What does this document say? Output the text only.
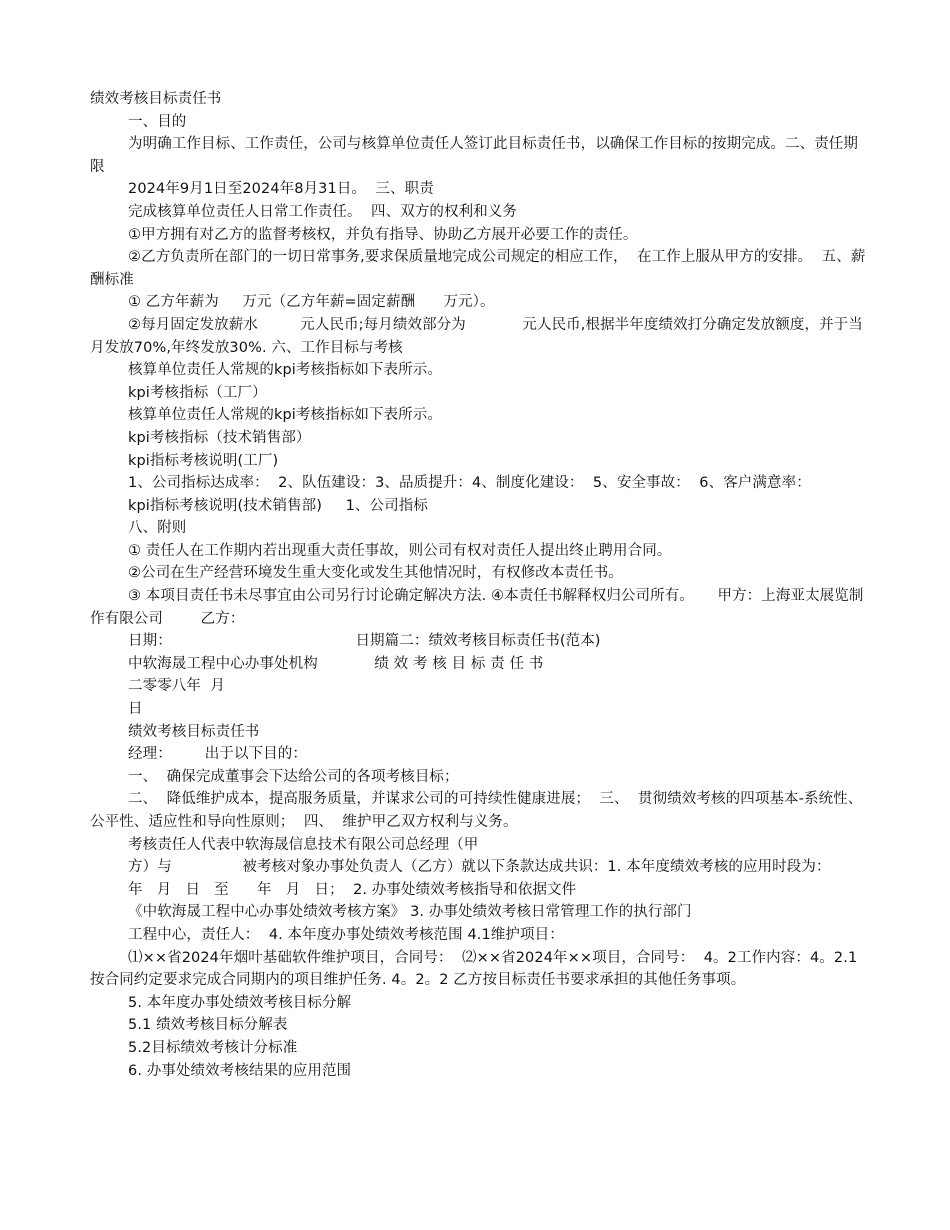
绩效考核目标责任书

一、目的

为明确工作目标、工作责任，公司与核算单位责任人签订此目标责任书，以确保工作目标的按期完成。二、责任期限

2024年9月1日至2024年8月31日。  三、职责

完成核算单位责任人日常工作责任。  四、双方的权利和义务

①甲方拥有对乙方的监督考核权，并负有指导、协助乙方展开必要工作的责任。

②乙方负责所在部门的一切日常事务,要求保质量地完成公司规定的相应工作，  在工作上服从甲方的安排。  五、薪酬标准

① 乙方年薪为     万元（乙方年薪=固定薪酬      万元）。

②每月固定发放薪水         元人民币;每月绩效部分为            元人民币,根据半年度绩效打分确定发放额度，并于当月发放70%,年终发放30%. 六、工作目标与考核

核算单位责任人常规的kpi考核指标如下表所示。

kpi考核指标（工厂）

核算单位责任人常规的kpi考核指标如下表所示。

kpi考核指标（技术销售部）

kpi指标考核说明(工厂)

1、公司指标达成率：  2、队伍建设：3、品质提升：4、制度化建设：  5、安全事故：  6、客户满意率：

kpi指标考核说明(技术销售部)     1、公司指标

八、附则

① 责任人在工作期内若出现重大责任事故，则公司有权对责任人提出终止聘用合同。

②公司在生产经营环境发生重大变化或发生其他情况时，有权修改本责任书。

③ 本项目责任书未尽事宜由公司另行讨论确定解决方法. ④本责任书解释权归公司所有。     甲方：上海亚太展览制作有限公司        乙方：

日期：                                       日期篇二：绩效考核目标责任书(范本)

中软海晟工程中心办事处机构            绩 效 考 核 目 标 责 任 书

二零零八年  月

日

绩效考核目标责任书

经理：       出于以下目的：

一、  确保完成董事会下达给公司的各项考核目标；

二、  降低维护成本，提高服务质量，并谋求公司的可持续性健康进展；  三、  贯彻绩效考核的四项基本-系统性、公平性、适应性和导向性原则；  四、  维护甲乙双方权利与义务。

考核责任人代表中软海晟信息技术有限公司总经理（甲

方）与               被考核对象办事处负责人（乙方）就以下条款达成共识：1. 本年度绩效考核的应用时段为：

年   月   日   至      年   月   日；  2. 办事处绩效考核指导和依据文件

《中软海晟工程中心办事处绩效考核方案》 3. 办事处绩效考核日常管理工作的执行部门

工程中心，责任人：  4. 本年度办事处绩效考核范围 4.1维护项目：

⑴××省2024年烟叶基础软件维护项目，合同号：  ⑵××省2024年××项目，合同号：  4。2工作内容：4。2.1按合同约定要求完成合同期内的项目维护任务. 4。2。2 乙方按目标责任书要求承担的其他任务事项。

5. 本年度办事处绩效考核目标分解

5.1 绩效考核目标分解表

5.2目标绩效考核计分标准

6. 办事处绩效考核结果的应用范围
